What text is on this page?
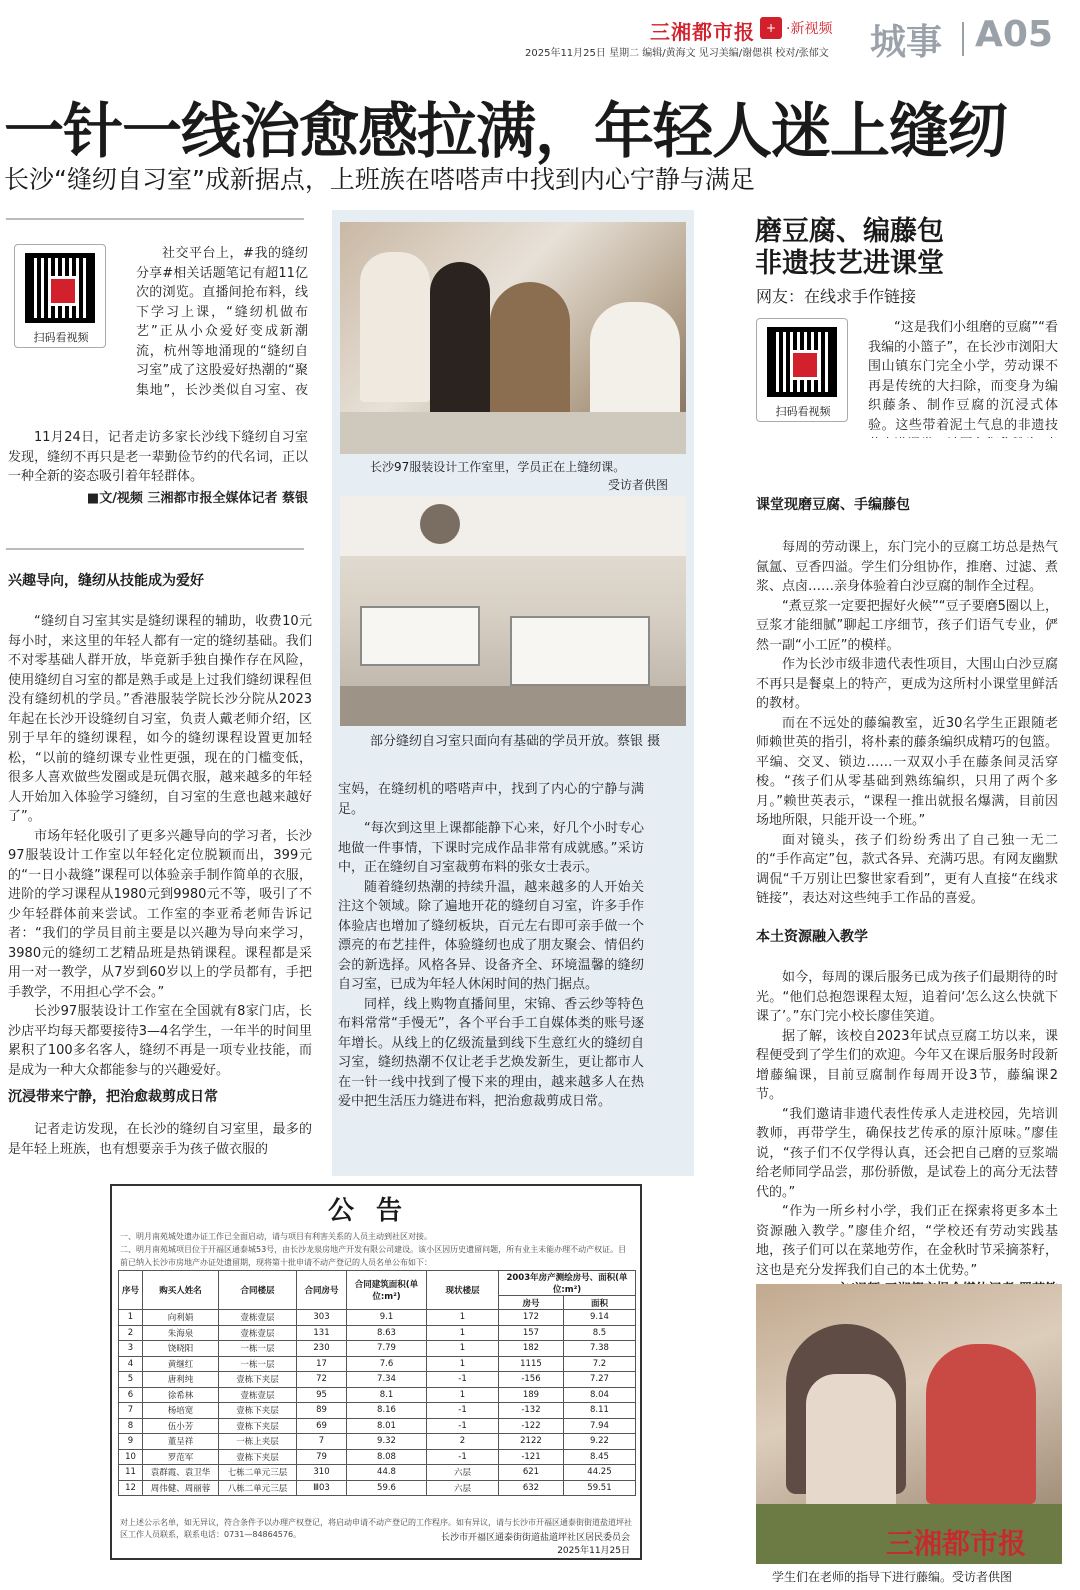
三湘都市报 + ·新视频 城事 A05
2025年11月25日 星期二 编辑/黄海文 见习美编/谢偲祺 校对/张郁文
一针一线治愈感拉满，年轻人迷上缝纫
长沙“缝纫自习室”成新据点，上班族在嗒嗒声中找到内心宁静与满足
扫码看视频

社交平台上，#我的缝纫分享#相关话题笔记有超11亿次的浏览。直播间抢布料，线下学习上课，“缝纫机做布艺”正从小众爱好变成新潮流，杭州等地涌现的“缝纫自习室”成了这股爱好热潮的“聚集地”，长沙类似自习室、夜

11月24日，记者走访多家长沙线下缝纫自习室发现，缝纫不再只是老一辈勤俭节约的代名词，正以一种全新的姿态吸引着年轻群体。

■文/视频 三湘都市报全媒体记者 蔡银
兴趣导向，缝纫从技能成为爱好

“缝纫自习室其实是缝纫课程的辅助，收费10元每小时，来这里的年轻人都有一定的缝纫基础。我们不对零基础人群开放，毕竟新手独自操作存在风险，使用缝纫自习室的都是熟手或是上过我们缝纫课程但没有缝纫机的学员。”香港服装学院长沙分院从2023年起在长沙开设缝纫自习室，负责人戴老师介绍，区别于早年的缝纫课程，如今的缝纫课程设置更加轻松，“以前的缝纫课专业性更强，现在的门槛变低，很多人喜欢做些发圈或是玩偶衣服，越来越多的年轻人开始加入体验学习缝纫，自习室的生意也越来越好了”。

市场年轻化吸引了更多兴趣导向的学习者，长沙97服装设计工作室以年轻化定位脱颖而出，399元的“一日小裁缝”课程可以体验亲手制作简单的衣服，进阶的学习课程从1980元到9980元不等，吸引了不少年轻群体前来尝试。工作室的李亚希老师告诉记者：“我们的学员目前主要是以兴趣为导向来学习，3980元的缝纫工艺精品班是热销课程。课程都是采用一对一教学，从7岁到60岁以上的学员都有，手把手教学，不用担心学不会。”

长沙97服装设计工作室在全国就有8家门店，长沙店平均每天都要接待3—4名学生，一年半的时间里累积了100多名客人，缝纫不再是一项专业技能，而是成为一种大众都能参与的兴趣爱好。

沉浸带来宁静，把治愈裁剪成日常

记者走访发现，在长沙的缝纫自习室里，最多的是年轻上班族，也有想要亲手为孩子做衣服的

长沙97服装设计工作室里，学员正在上缝纫课。
受访者供图
部分缝纫自习室只面向有基础的学员开放。蔡银 摄

宝妈，在缝纫机的嗒嗒声中，找到了内心的宁静与满足。

“每次到这里上课都能静下心来，好几个小时专心地做一件事情，下课时完成作品非常有成就感。”采访中，正在缝纫自习室裁剪布料的张女士表示。

随着缝纫热潮的持续升温，越来越多的人开始关注这个领域。除了遍地开花的缝纫自习室，许多手作体验店也增加了缝纫板块，百元左右即可亲手做一个漂亮的布艺挂件，体验缝纫也成了朋友聚会、情侣约会的新选择。风格各异、设备齐全、环境温馨的缝纫自习室，已成为年轻人休闲时间的热门据点。

同样，线上购物直播间里，宋锦、香云纱等特色布料常常“手慢无”，各个平台手工自媒体类的账号逐年增长。从线上的亿级流量到线下生意红火的缝纫自习室，缝纫热潮不仅让老手艺焕发新生，更让都市人在一针一线中找到了慢下来的理由，越来越多人在热爱中把生活压力缝进布料，把治愈裁剪成日常。

磨豆腐、编藤包
非遗技艺进课堂
网友：在线求手作链接
扫码看视频

“这是我们小组磨的豆腐”“看我编的小篮子”，在长沙市浏阳大围山镇东门完全小学，劳动课不再是传统的大扫除，而变身为编织藤条、制作豆腐的沉浸式体验。这些带着泥土气息的非遗技

课堂现磨豆腐、手编藤包

每周的劳动课上，东门完小的豆腐工坊总是热气氤氲、豆香四溢。学生们分组协作，推磨、过滤、煮浆、点卤……亲身体验着白沙豆腐的制作全过程。

“煮豆浆一定要把握好火候”“豆子要磨5圈以上，豆浆才能细腻”聊起工序细节，孩子们语气专业，俨然一副“小工匠”的模样。

作为长沙市级非遗代表性项目，大围山白沙豆腐不再只是餐桌上的特产，更成为这所村小课堂里鲜活的教材。

而在不远处的藤编教室，近30名学生正跟随老师赖世英的指引，将朴素的藤条编织成精巧的包篮。平编、交叉、锁边……一双双小手在藤条间灵活穿梭。“孩子们从零基础到熟练编织，只用了两个多月。”赖世英表示，“课程一推出就报名爆满，目前因场地所限，只能开设一个班。”

面对镜头，孩子们纷纷秀出了自己独一无二的“手作高定”包，款式各异、充满巧思。有网友幽默调侃“千万别让巴黎世家看到”，更有人直接“在线求链接”，表达对这些纯手工作品的喜爱。

本土资源融入教学

如今，每周的课后服务已成为孩子们最期待的时光。“他们总抱怨课程太短，追着问‘怎么这么快就下课了’。”东门完小校长廖佳笑道。

据了解，该校自2023年试点豆腐工坊以来，课程便受到了学生们的欢迎。今年又在课后服务时段新增藤编课，目前豆腐制作每周开设3节，藤编课2节。

“我们邀请非遗代表性传承人走进校园，先培训教师，再带学生，确保技艺传承的原汁原味。”廖佳说，“孩子们不仅学得认真，还会把自己磨的豆浆端给老师同学品尝，那份骄傲，是试卷上的高分无法替代的。”

“作为一所乡村小学，我们正在探索将更多本土资源融入教学。”廖佳介绍，“学校还有劳动实践基地，孩子们可以在菜地劳作，在金秋时节采摘茶籽，这也是充分发挥我们自己的本土优势。”

三湘都市报
学生们在老师的指导下进行藤编。受访者供图
公告
一、明月南苑城处遗办证工作已全面启动，请与项目有利害关系的人员主动到社区对接。
二、明月南苑城项目位于开福区通泰城53号，由长沙龙泉房地产开发有限公司建设。该小区因历史遗留问题，所有业主未能办理不动产权证。目前已纳入长沙市房地产办证处遗留期，现将第十批申请不动产登记的人员名单公布如下：
序号	购买人姓名	合同楼层	合同房号	合同建筑面积(单位:m²)	现状楼层	2003年房产测绘房号、面积(单位:m²)	
						房号	面积
1	向利娟	壹栋壹层	303	9.1	1	172	9.14
2	朱海泉	壹栋壹层	131	8.63	1	157	8.5
3	饶晓阳	一栋一层	230	7.79	1	182	7.38
4	黄继红	一栋一层	17	7.6	1	1115	7.2
5	唐利纯	壹栋下夹层	72	7.34	-1	-156	7.27
6	徐希林	壹栋壹层	95	8.1	1	189	8.04
7	杨培宽	壹栋下夹层	89	8.16	-1	-132	8.11
8	伍小芳	壹栋下夹层	69	8.01	-1	-122	7.94
9	董呈祥	一栋上夹层	7	9.32	2	2122	9.22
10	罗范军	壹栋下夹层	79	8.08	-1	-121	8.45
11	袁群霞、袁卫华	七栋二单元三层	310	44.8	六层	621	44.25
12	周伟健、周丽蓉	八栋二单元三层	Ⅲ03	59.6	六层	632	59.51
对上述公示名单，如无异议，符合条件予以办理产权登记，将启动申请不动产登记的工作程序。如有异议，请与长沙市开福区通泰街街道盐道坪社区工作人员联系，联系电话：0731—84864576。	长沙市开福区通泰街街道盐道坪社区居民委员会
2025年11月25日
